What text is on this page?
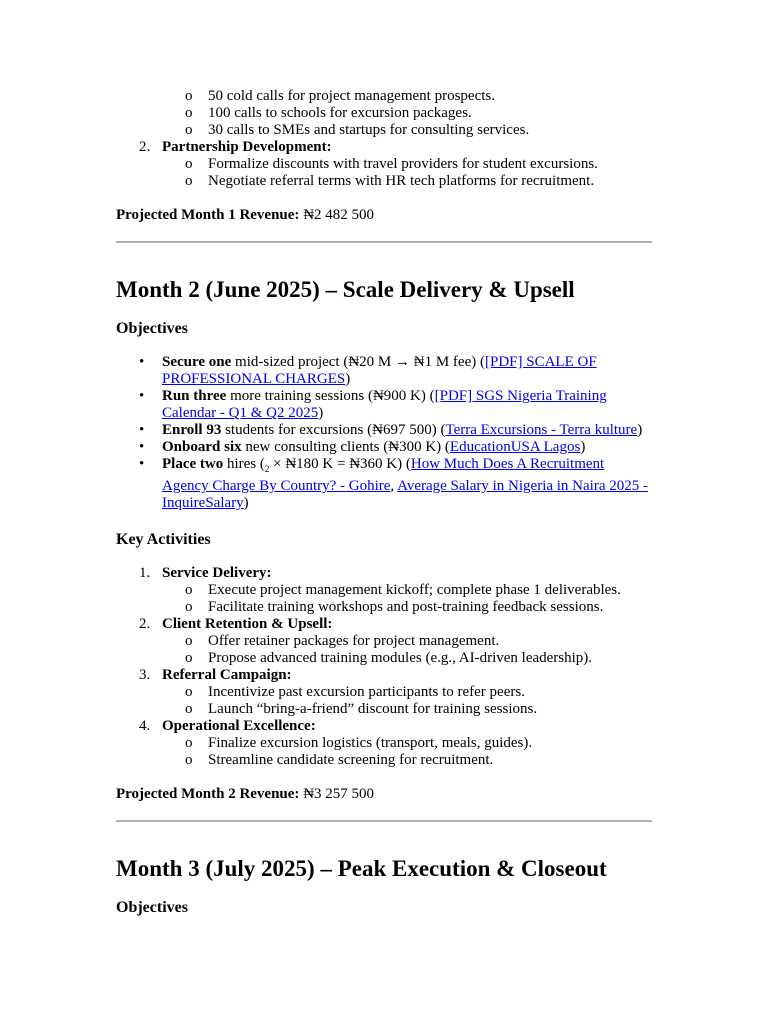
o 50 cold calls for project management prospects.
o 100 calls to schools for excursion packages.
o 30 calls to SMEs and startups for consulting services.
2. Partnership Development:
o Formalize discounts with travel providers for student excursions.
o Negotiate referral terms with HR tech platforms for recruitment.

Projected Month 1 Revenue: ₦2 482 500

Month 2 (June 2025) – Scale Delivery & Upsell
Objectives
• Secure one mid-sized project (₦20 M → ₦1 M fee) ([PDF] SCALE OF PROFESSIONAL CHARGES)
• Run three more training sessions (₦900 K) ([PDF] SGS Nigeria Training Calendar - Q1 & Q2 2025)
• Enroll 93 students for excursions (₦697 500) (Terra Excursions - Terra kulture)
• Onboard six new consulting clients (₦300 K) (EducationUSA Lagos)
• Place two hires ($_2$ × ₦180 K = ₦360 K) (How Much Does A Recruitment Agency Charge By Country? - Gohire, Average Salary in Nigeria in Naira 2025 - InquireSalary)
Key Activities
1. Service Delivery:
o Execute project management kickoff; complete phase 1 deliverables.
o Facilitate training workshops and post-training feedback sessions.
2. Client Retention & Upsell:
o Offer retainer packages for project management.
o Propose advanced training modules (e.g., AI-driven leadership).
3. Referral Campaign:
o Incentivize past excursion participants to refer peers.
o Launch “bring-a-friend” discount for training sessions.
4. Operational Excellence:
o Finalize excursion logistics (transport, meals, guides).
o Streamline candidate screening for recruitment.

Projected Month 2 Revenue: ₦3 257 500

Month 3 (July 2025) – Peak Execution & Closeout
Objectives
